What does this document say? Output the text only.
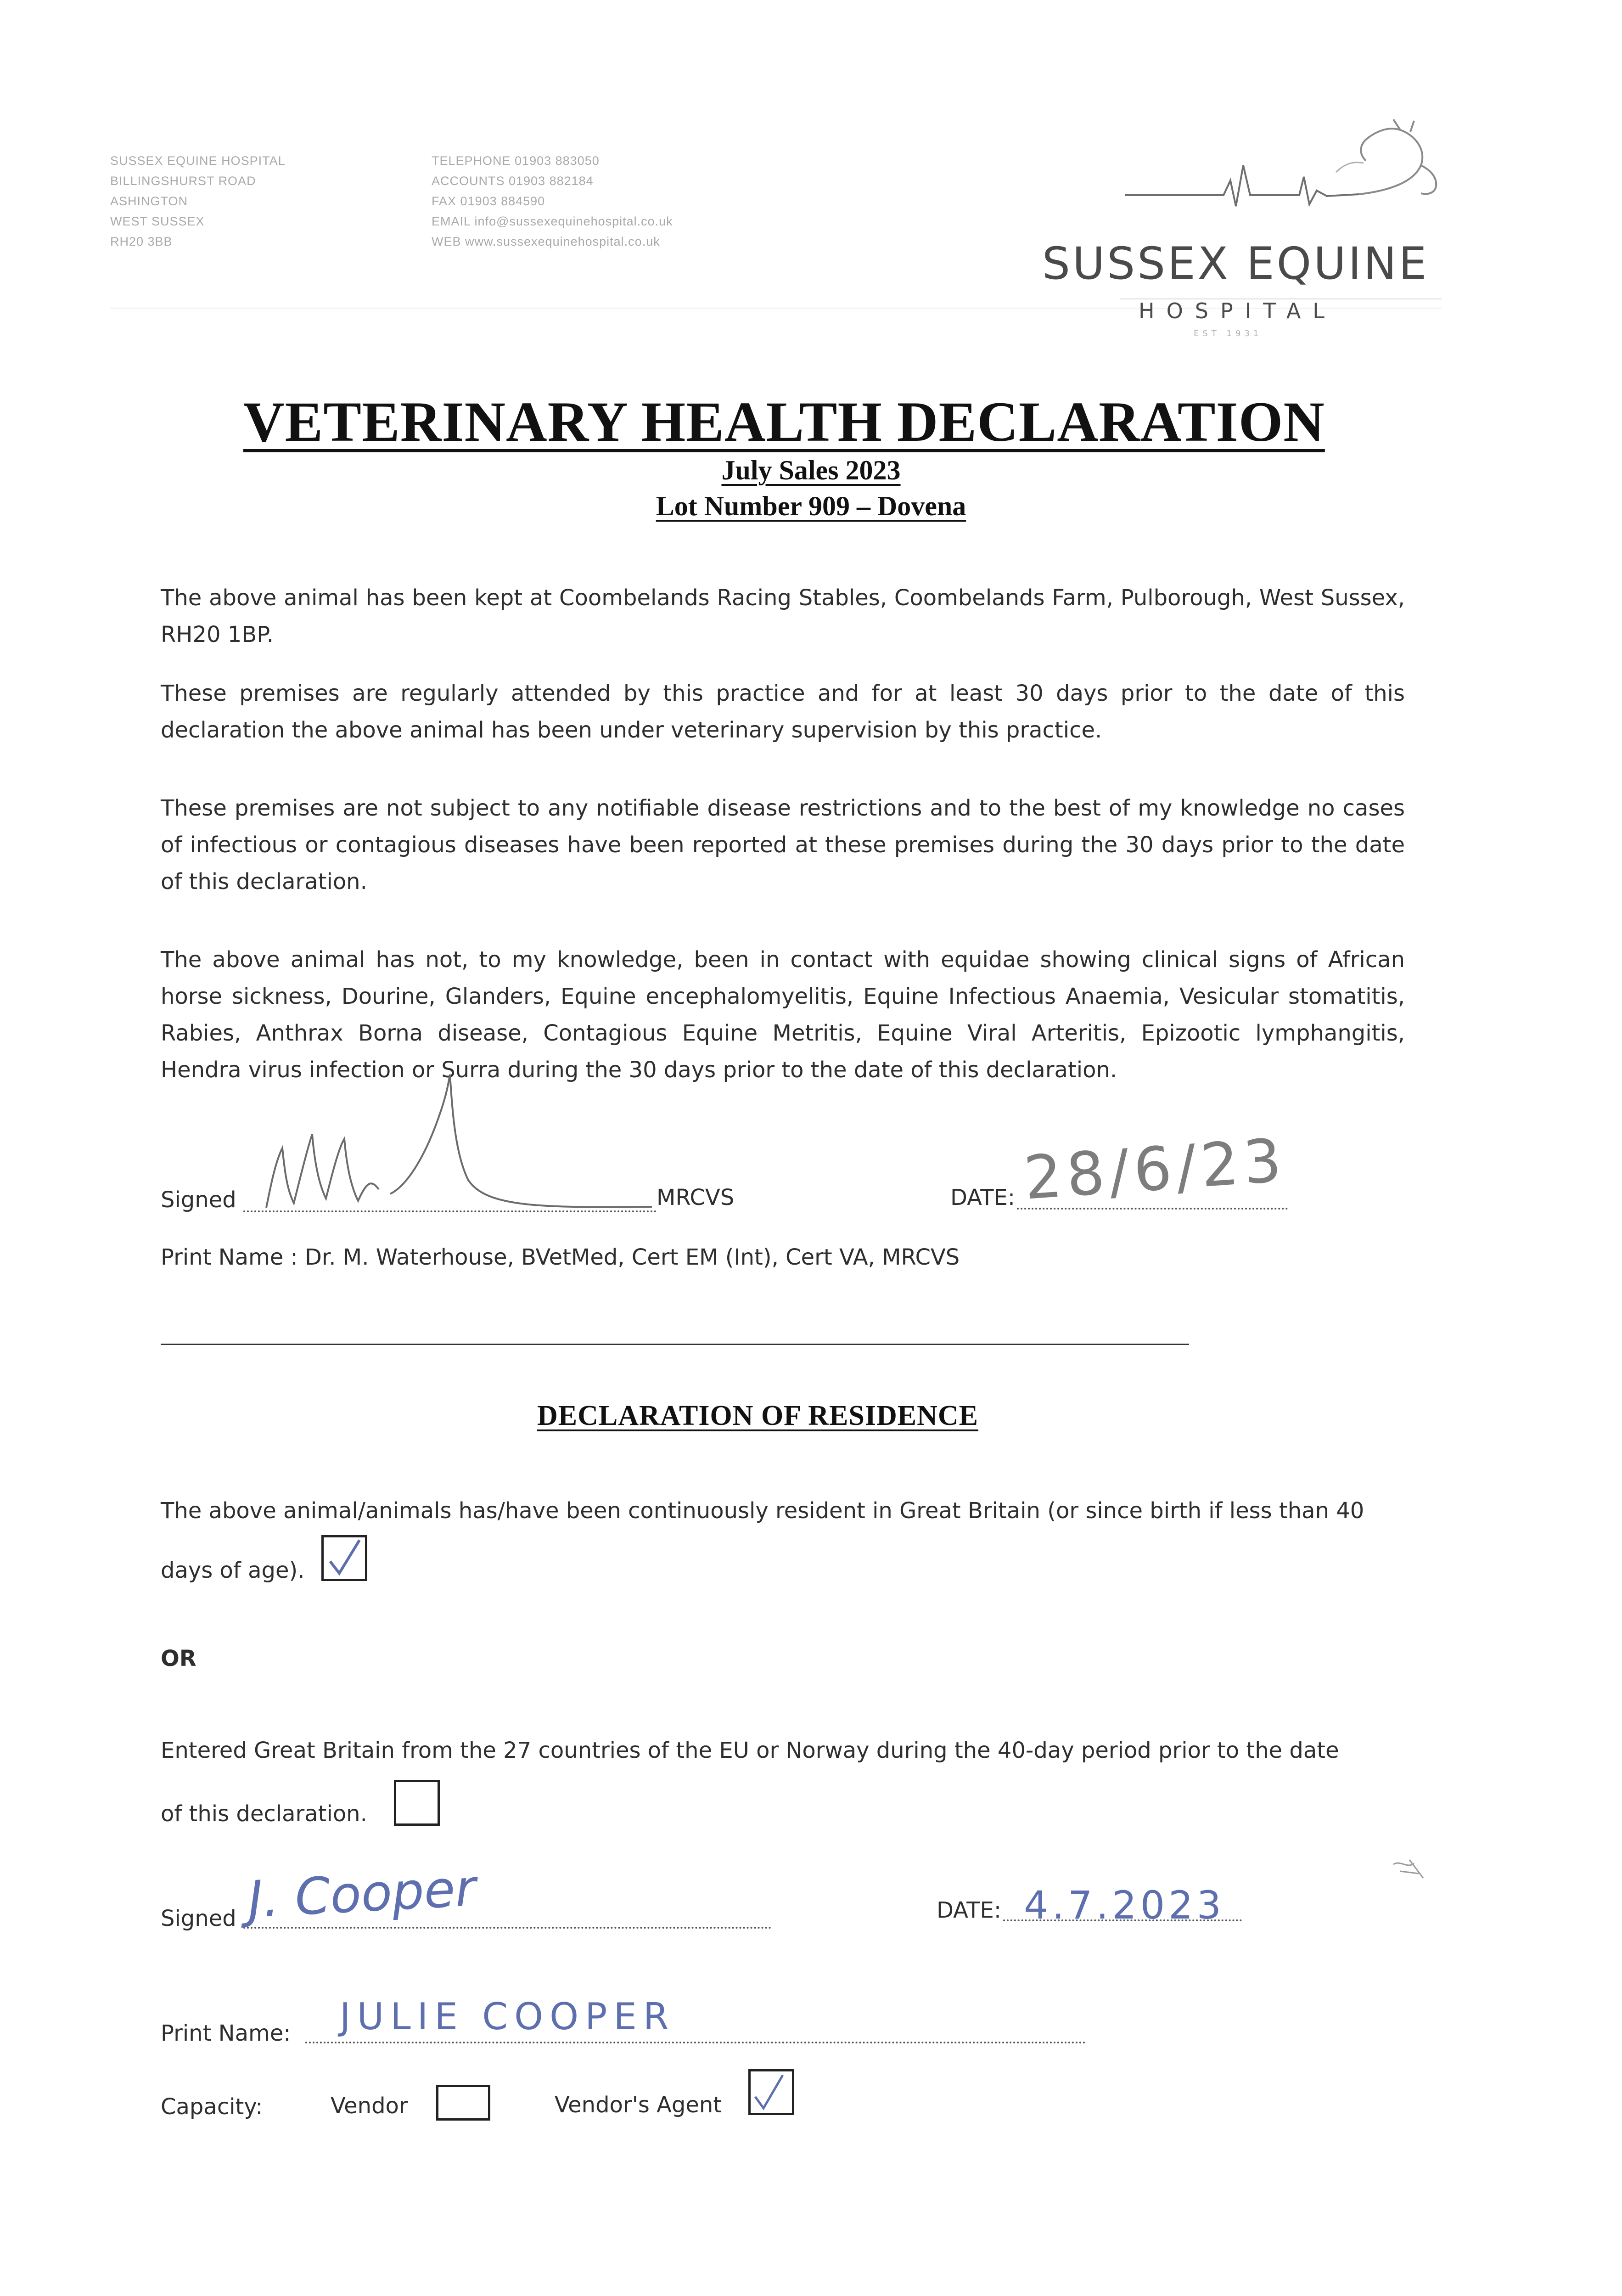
SUSSEX EQUINE HOSPITAL
BILLINGSHURST ROAD
ASHINGTON
WEST SUSSEX
RH20 3BB
TELEPHONE 01903 883050
ACCOUNTS 01903 882184
FAX 01903 884590
EMAIL info@sussexequinehospital.co.uk
WEB www.sussexequinehospital.co.uk	SUSSEX EQUINE
HOSPITAL
EST 1931
VETERINARY HEALTH DECLARATION
July Sales 2023
Lot Number 909 – Dovena
The above animal has been kept at Coombelands Racing Stables, Coombelands Farm, Pulborough, West Sussex, RH20 1BP.
These premises are regularly attended by this practice and for at least 30 days prior to the date of this declaration the above animal has been under veterinary supervision by this practice.
These premises are not subject to any notifiable disease restrictions and to the best of my knowledge no cases of infectious or contagious diseases have been reported at these premises during the 30 days prior to the date of this declaration.
The above animal has not, to my knowledge, been in contact with equidae showing clinical signs of African horse sickness, Dourine, Glanders, Equine encephalomyelitis, Equine Infectious Anaemia, Vesicular stomatitis, Rabies, Anthrax Borna disease, Contagious Equine Metritis, Equine Viral Arteritis, Epizootic lymphangitis, Hendra virus infection or Surra during the 30 days prior to the date of this declaration.
Signed	MRCVS	DATE: 28/6/23
Print Name : Dr. M. Waterhouse, BVetMed, Cert EM (Int), Cert VA, MRCVS
DECLARATION OF RESIDENCE
The above animal/animals has/have been continuously resident in Great Britain (or since birth if less than 40
days of age).
OR
Entered Great Britain from the 27 countries of the EU or Norway during the 40-day period prior to the date
of this declaration.
Signed J. Cooper	DATE: 4.7.2023
Print Name: JULIE COOPER
Capacity:	Vendor	Vendor's Agent
